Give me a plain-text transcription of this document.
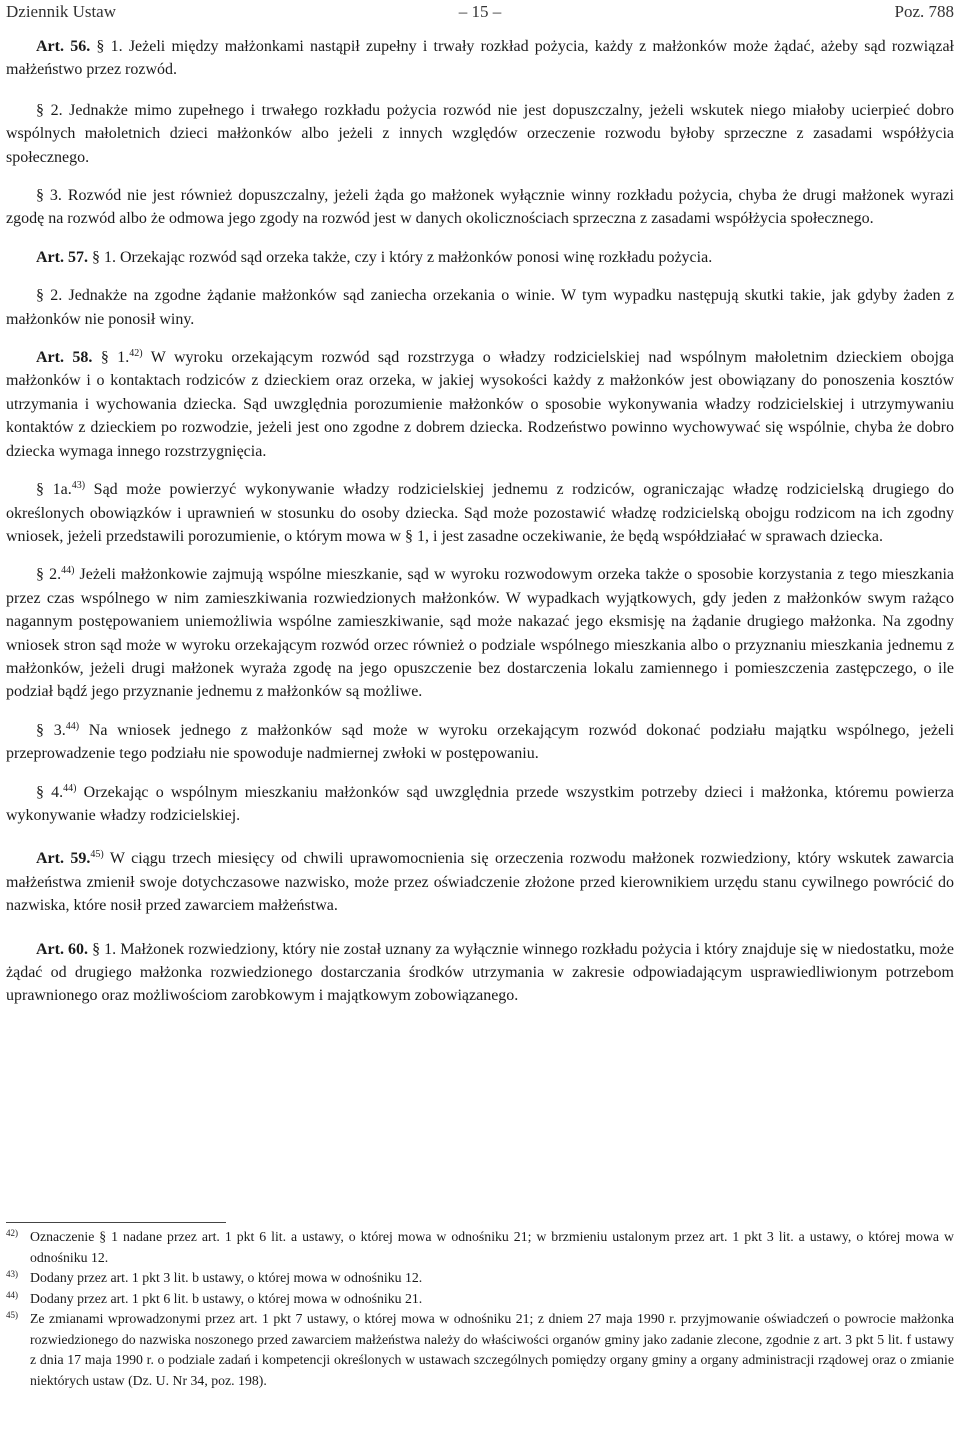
Dziennik Ustaw	– 15 –	Poz. 788

Art. 56. § 1. Jeżeli między małżonkami nastąpił zupełny i trwały rozkład pożycia, każdy z małżonków może żądać, ażeby sąd rozwiązał małżeństwo przez rozwód.

§ 2. Jednakże mimo zupełnego i trwałego rozkładu pożycia rozwód nie jest dopuszczalny, jeżeli wskutek niego miałoby ucierpieć dobro wspólnych małoletnich dzieci małżonków albo jeżeli z innych względów orzeczenie rozwodu byłoby sprzeczne z zasadami współżycia społecznego.

§ 3. Rozwód nie jest również dopuszczalny, jeżeli żąda go małżonek wyłącznie winny rozkładu pożycia, chyba że drugi małżonek wyrazi zgodę na rozwód albo że odmowa jego zgody na rozwód jest w danych okolicznościach sprzeczna z zasadami współżycia społecznego.

Art. 57. § 1. Orzekając rozwód sąd orzeka także, czy i który z małżonków ponosi winę rozkładu pożycia.

§ 2. Jednakże na zgodne żądanie małżonków sąd zaniecha orzekania o winie. W tym wypadku następują skutki takie, jak gdyby żaden z małżonków nie ponosił winy.

Art. 58. § 1.$^{42)}$ W wyroku orzekającym rozwód sąd rozstrzyga o władzy rodzicielskiej nad wspólnym małoletnim dzieckiem obojga małżonków i o kontaktach rodziców z dzieckiem oraz orzeka, w jakiej wysokości każdy z małżonków jest obowiązany do ponoszenia kosztów utrzymania i wychowania dziecka. Sąd uwzględnia porozumienie małżonków o sposobie wykonywania władzy rodzicielskiej i utrzymywaniu kontaktów z dzieckiem po rozwodzie, jeżeli jest ono zgodne z dobrem dziecka. Rodzeństwo powinno wychowywać się wspólnie, chyba że dobro dziecka wymaga innego rozstrzygnięcia.

§ 1a.$^{43)}$ Sąd może powierzyć wykonywanie władzy rodzicielskiej jednemu z rodziców, ograniczając władzę rodzicielską drugiego do określonych obowiązków i uprawnień w stosunku do osoby dziecka. Sąd może pozostawić władzę rodzicielską obojgu rodzicom na ich zgodny wniosek, jeżeli przedstawili porozumienie, o którym mowa w § 1, i jest zasadne oczekiwanie, że będą współdziałać w sprawach dziecka.

§ 2.$^{44)}$ Jeżeli małżonkowie zajmują wspólne mieszkanie, sąd w wyroku rozwodowym orzeka także o sposobie korzystania z tego mieszkania przez czas wspólnego w nim zamieszkiwania rozwiedzionych małżonków. W wypadkach wyjątkowych, gdy jeden z małżonków swym rażąco nagannym postępowaniem uniemożliwia wspólne zamieszkiwanie, sąd może nakazać jego eksmisję na żądanie drugiego małżonka. Na zgodny wniosek stron sąd może w wyroku orzekającym rozwód orzec również o podziale wspólnego mieszkania albo o przyznaniu mieszkania jednemu z małżonków, jeżeli drugi małżonek wyraża zgodę na jego opuszczenie bez dostarczenia lokalu zamiennego i pomieszczenia zastępczego, o ile podział bądź jego przyznanie jednemu z małżonków są możliwe.

§ 3.$^{44)}$ Na wniosek jednego z małżonków sąd może w wyroku orzekającym rozwód dokonać podziału majątku wspólnego, jeżeli przeprowadzenie tego podziału nie spowoduje nadmiernej zwłoki w postępowaniu.

§ 4.$^{44)}$ Orzekając o wspólnym mieszkaniu małżonków sąd uwzględnia przede wszystkim potrzeby dzieci i małżonka, któremu powierza wykonywanie władzy rodzicielskiej.

Art. 59.$^{45)}$ W ciągu trzech miesięcy od chwili uprawomocnienia się orzeczenia rozwodu małżonek rozwiedziony, który wskutek zawarcia małżeństwa zmienił swoje dotychczasowe nazwisko, może przez oświadczenie złożone przed kierownikiem urzędu stanu cywilnego powrócić do nazwiska, które nosił przed zawarciem małżeństwa.

Art. 60. § 1. Małżonek rozwiedziony, który nie został uznany za wyłącznie winnego rozkładu pożycia i który znajduje się w niedostatku, może żądać od drugiego małżonka rozwiedzionego dostarczania środków utrzymania w zakresie odpowiadającym usprawiedliwionym potrzebom uprawnionego oraz możliwościom zarobkowym i majątkowym zobowiązanego.

$^{42)}$ Oznaczenie § 1 nadane przez art. 1 pkt 6 lit. a ustawy, o której mowa w odnośniku 21; w brzmieniu ustalonym przez art. 1 pkt 3 lit. a ustawy, o której mowa w odnośniku 12.

$^{43)}$ Dodany przez art. 1 pkt 3 lit. b ustawy, o której mowa w odnośniku 12.

$^{44)}$ Dodany przez art. 1 pkt 6 lit. b ustawy, o której mowa w odnośniku 21.

$^{45)}$ Ze zmianami wprowadzonymi przez art. 1 pkt 7 ustawy, o której mowa w odnośniku 21; z dniem 27 maja 1990 r. przyjmowanie oświadczeń o powrocie małżonka rozwiedzionego do nazwiska noszonego przed zawarciem małżeństwa należy do właściwości organów gminy jako zadanie zlecone, zgodnie z art. 3 pkt 5 lit. f ustawy z dnia 17 maja 1990 r. o podziale zadań i kompetencji określonych w ustawach szczególnych pomiędzy organy gminy a organy administracji rządowej oraz o zmianie niektórych ustaw (Dz. U. Nr 34, poz. 198).
